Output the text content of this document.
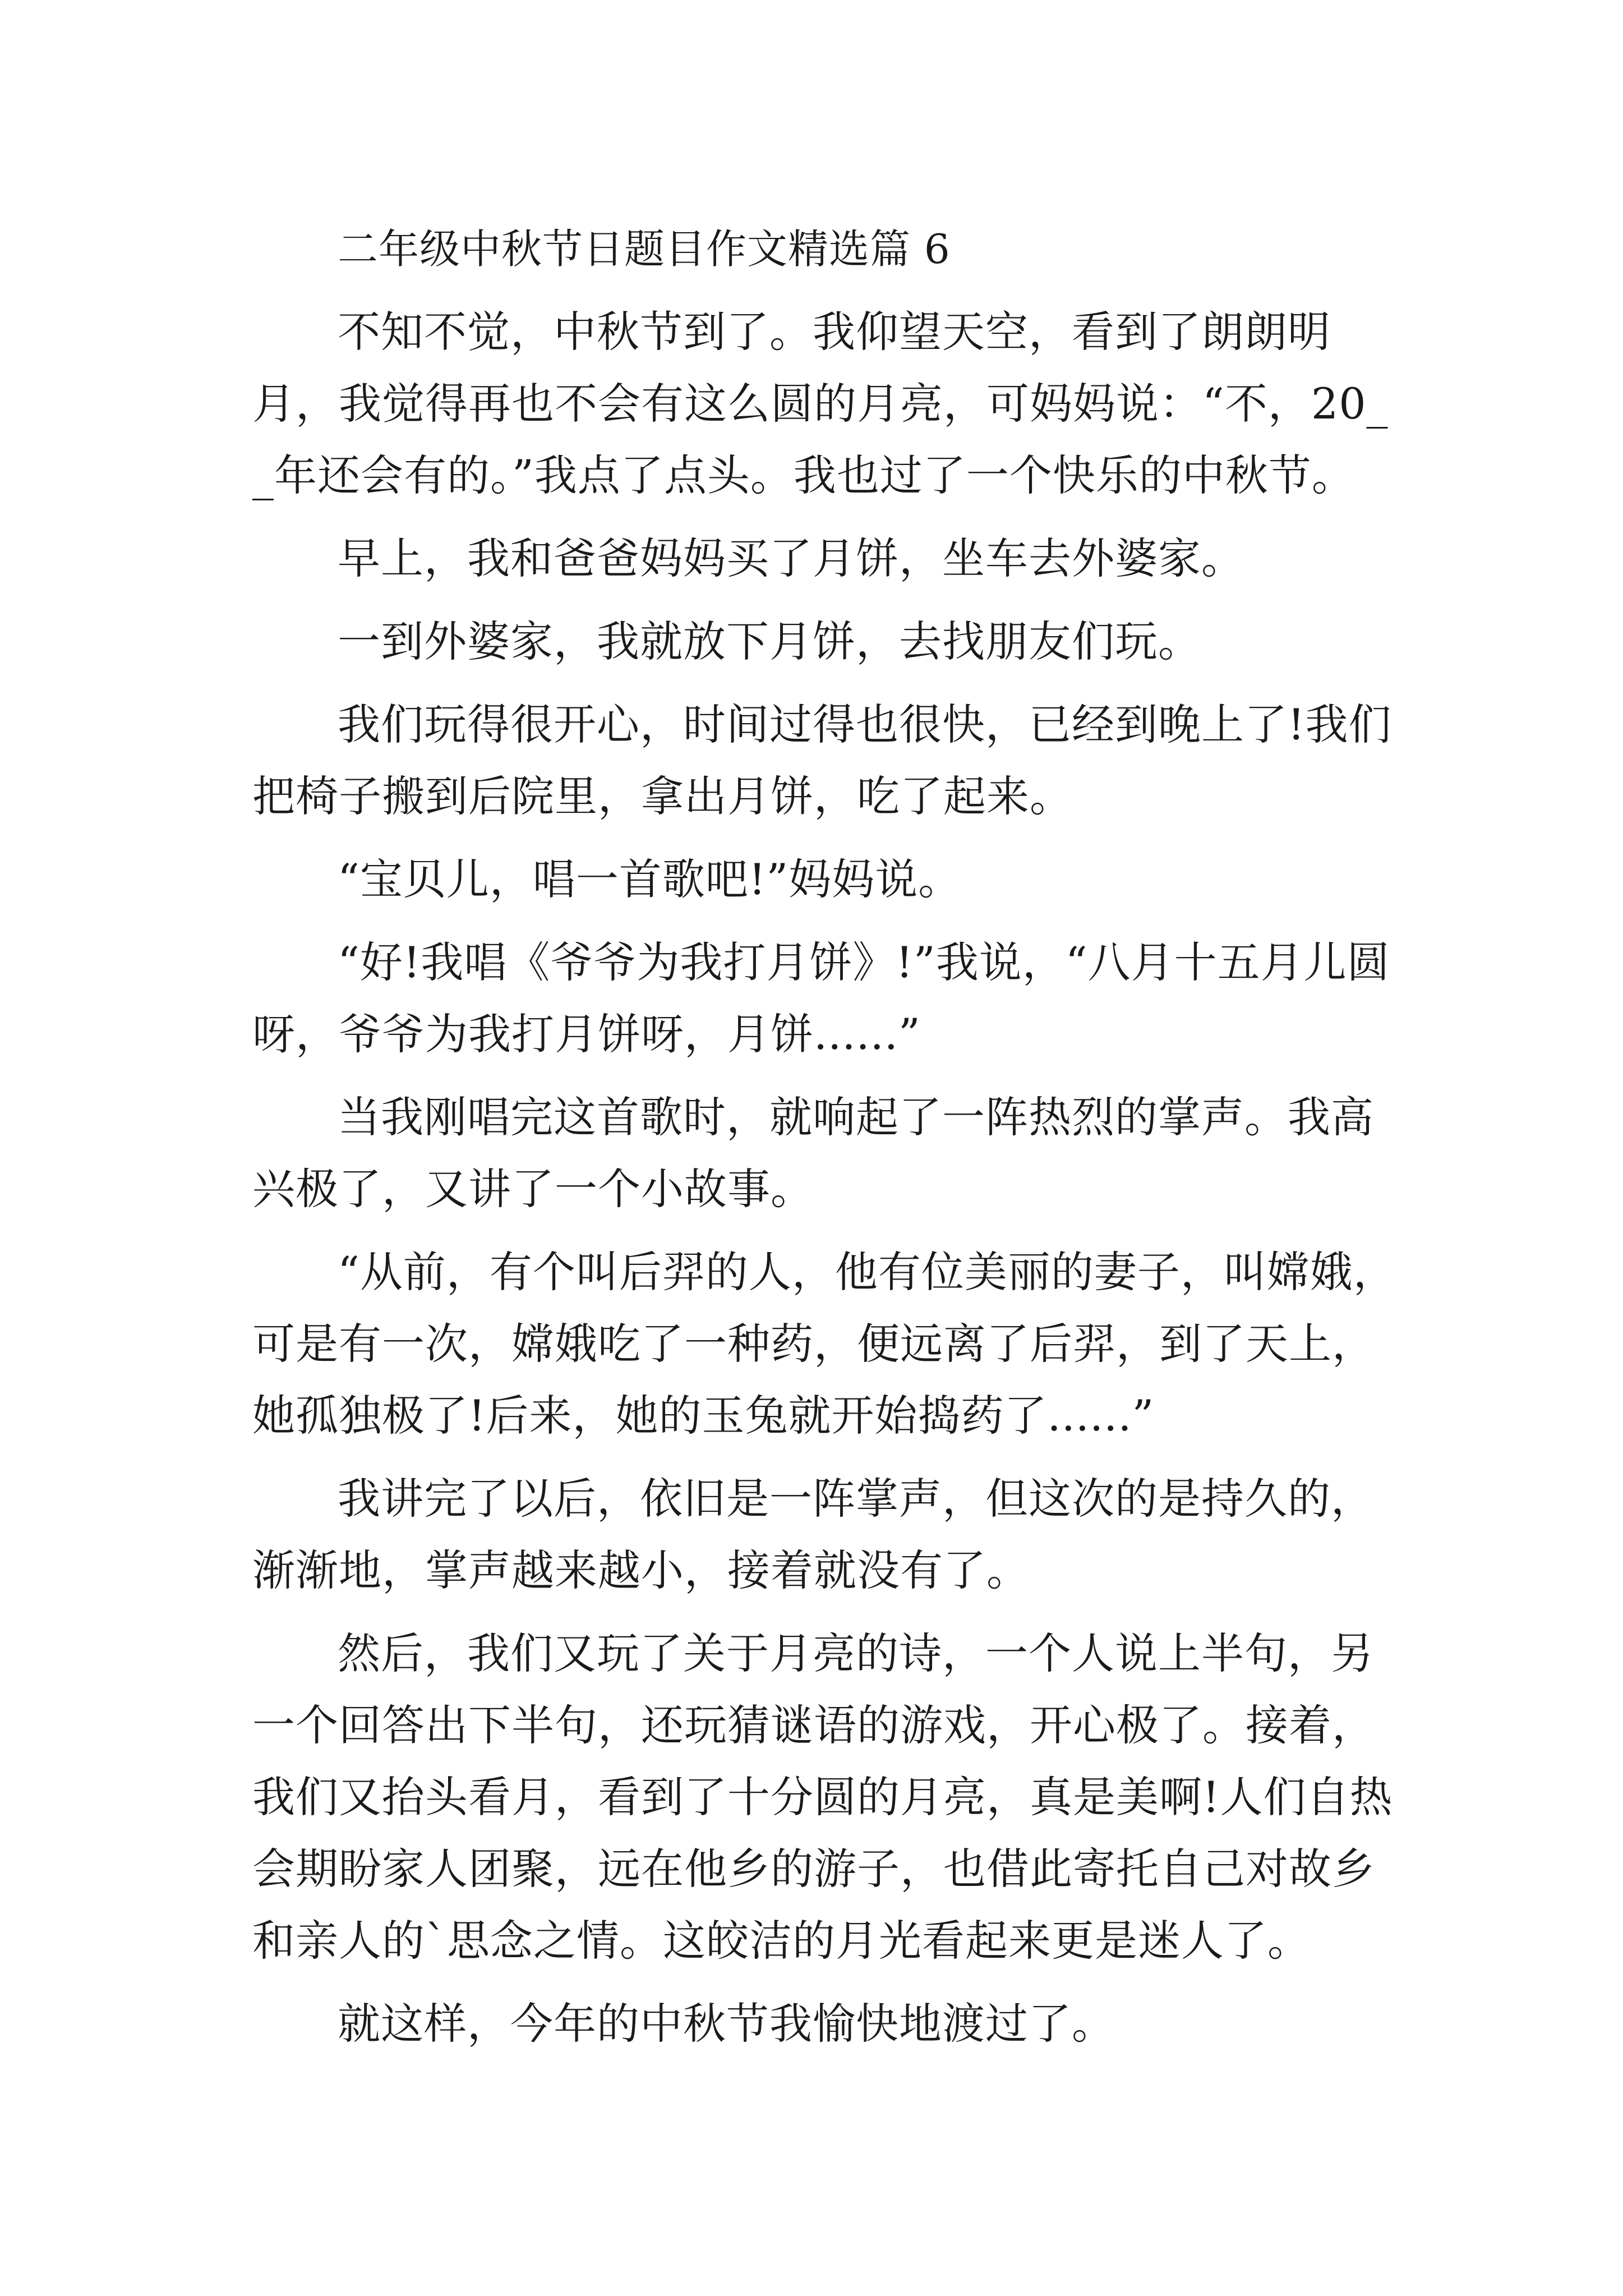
二年级中秋节日题目作文精选篇 6

不知不觉，中秋节到了。我仰望天空，看到了朗朗明月，我觉得再也不会有这么圆的月亮，可妈妈说：“不，20__年还会有的。”我点了点头。我也过了一个快乐的中秋节。

早上，我和爸爸妈妈买了月饼，坐车去外婆家。

一到外婆家，我就放下月饼，去找朋友们玩。

我们玩得很开心，时间过得也很快，已经到晚上了!我们把椅子搬到后院里，拿出月饼，吃了起来。

“宝贝儿，唱一首歌吧!”妈妈说。

“好!我唱《爷爷为我打月饼》!”我说，“八月十五月儿圆呀，爷爷为我打月饼呀，月饼......”

当我刚唱完这首歌时，就响起了一阵热烈的掌声。我高兴极了，又讲了一个小故事。

“从前，有个叫后羿的人，他有位美丽的妻子，叫嫦娥，可是有一次，嫦娥吃了一种药，便远离了后羿，到了天上，她孤独极了!后来，她的玉兔就开始捣药了......”

我讲完了以后，依旧是一阵掌声，但这次的是持久的，渐渐地，掌声越来越小，接着就没有了。

然后，我们又玩了关于月亮的诗，一个人说上半句，另一个回答出下半句，还玩猜谜语的游戏，开心极了。接着，我们又抬头看月，看到了十分圆的月亮，真是美啊!人们自热会期盼家人团聚，远在他乡的游子，也借此寄托自己对故乡和亲人的`思念之情。这皎洁的月光看起来更是迷人了。

就这样，今年的中秋节我愉快地渡过了。
